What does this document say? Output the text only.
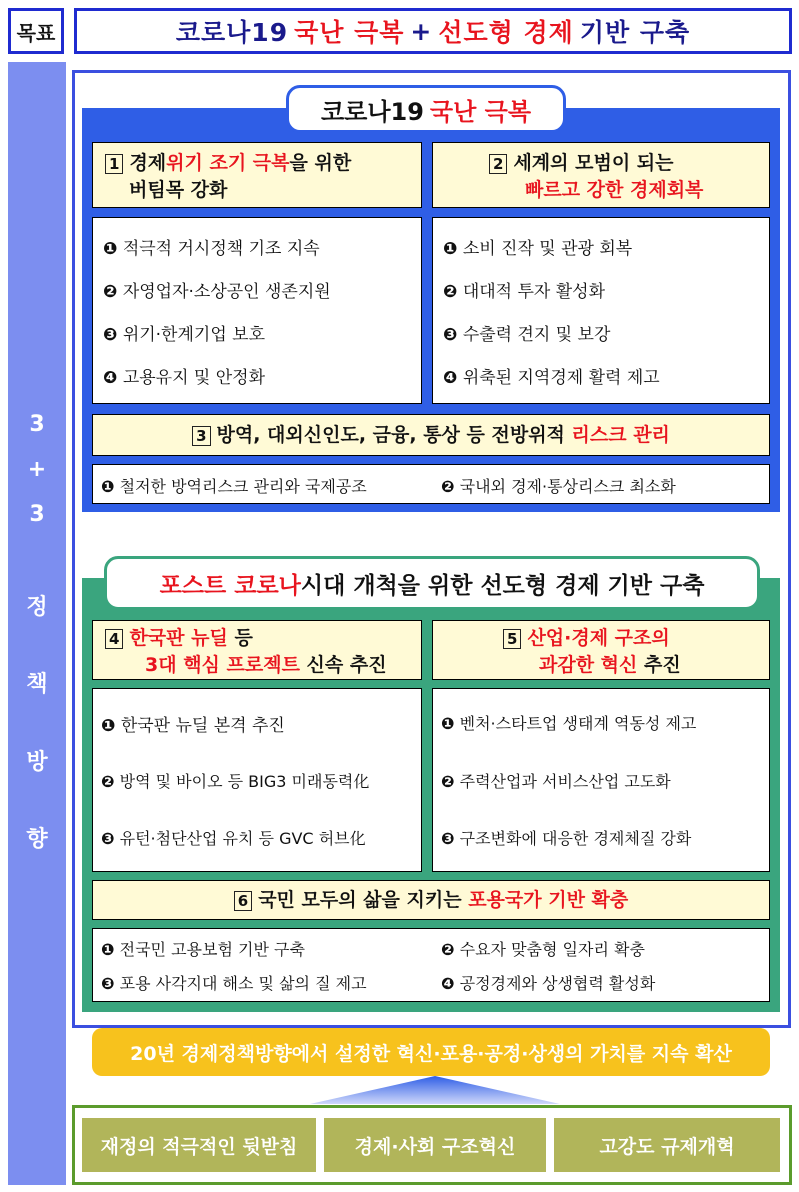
목표	코로나19 국난 극복 + 선도형 경제 기반 구축
3
+
3
정
책
방
향
코로나19 국난 극복
1 경제위기 조기 극복을 위한
버팀목 강화
2 세계의 모범이 되는
빠르고 강한 경제회복
❶ 적극적 거시정책 기조 지속
❷ 자영업자·소상공인 생존지원
❸ 위기·한계기업 보호
❹ 고용유지 및 안정화
❶ 소비 진작 및 관광 회복
❷ 대대적 투자 활성화
❸ 수출력 견지 및 보강
❹ 위축된 지역경제 활력 제고
3 방역, 대외신인도, 금융, 통상 등 전방위적 리스크 관리
❶ 철저한 방역리스크 관리와 국제공조	❷ 국내외 경제·통상리스크 최소화
포스트 코로나 시대 개척을 위한 선도형 경제 기반 구축
4 한국판 뉴딜 등
3대 핵심 프로젝트 신속 추진
5 산업·경제 구조의
과감한 혁신 추진
❶ 한국판 뉴딜 본격 추진
❷ 방역 및 바이오 등 BIG3 미래동력化
❸ 유턴·첨단산업 유치 등 GVC 허브化
❶ 벤처·스타트업 생태계 역동성 제고
❷ 주력산업과 서비스산업 고도화
❸ 구조변화에 대응한 경제체질 강화
6 국민 모두의 삶을 지키는 포용국가 기반 확충
❶ 전국민 고용보험 기반 구축	❷ 수요자 맞춤형 일자리 확충
❸ 포용 사각지대 해소 및 삶의 질 제고	❹ 공정경제와 상생협력 활성화
20년 경제정책방향에서 설정한 혁신·포용·공정·상생의 가치를 지속 확산
재정의 적극적인 뒷받침	경제·사회 구조혁신	고강도 규제개혁
